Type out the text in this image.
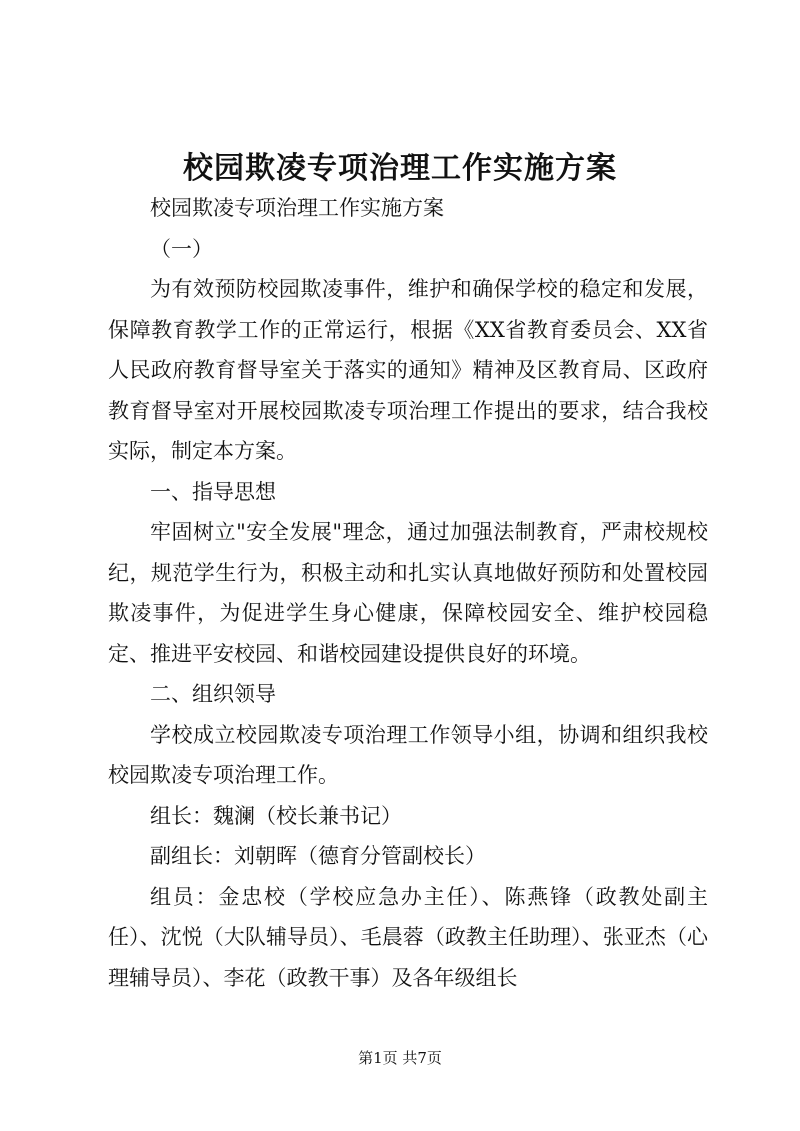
校园欺凌专项治理工作实施方案

校园欺凌专项治理工作实施方案

（一）

为有效预防校园欺凌事件，维护和确保学校的稳定和发展，保障教育教学工作的正常运行，根据《XX省教育委员会、XX省人民政府教育督导室关于落实的通知》精神及区教育局、区政府教育督导室对开展校园欺凌专项治理工作提出的要求，结合我校实际，制定本方案。

一、指导思想

牢固树立"安全发展"理念，通过加强法制教育，严肃校规校纪，规范学生行为，积极主动和扎实认真地做好预防和处置校园欺凌事件，为促进学生身心健康，保障校园安全、维护校园稳定、推进平安校园、和谐校园建设提供良好的环境。

二、组织领导

学校成立校园欺凌专项治理工作领导小组，协调和组织我校校园欺凌专项治理工作。

组长：魏澜（校长兼书记）

副组长：刘朝晖（德育分管副校长）

组员：金忠校（学校应急办主任）、陈燕锋（政教处副主任）、沈悦（大队辅导员）、毛晨蓉（政教主任助理）、张亚杰（心理辅导员）、李花（政教干事）及各年级组长

第1页 共7页
